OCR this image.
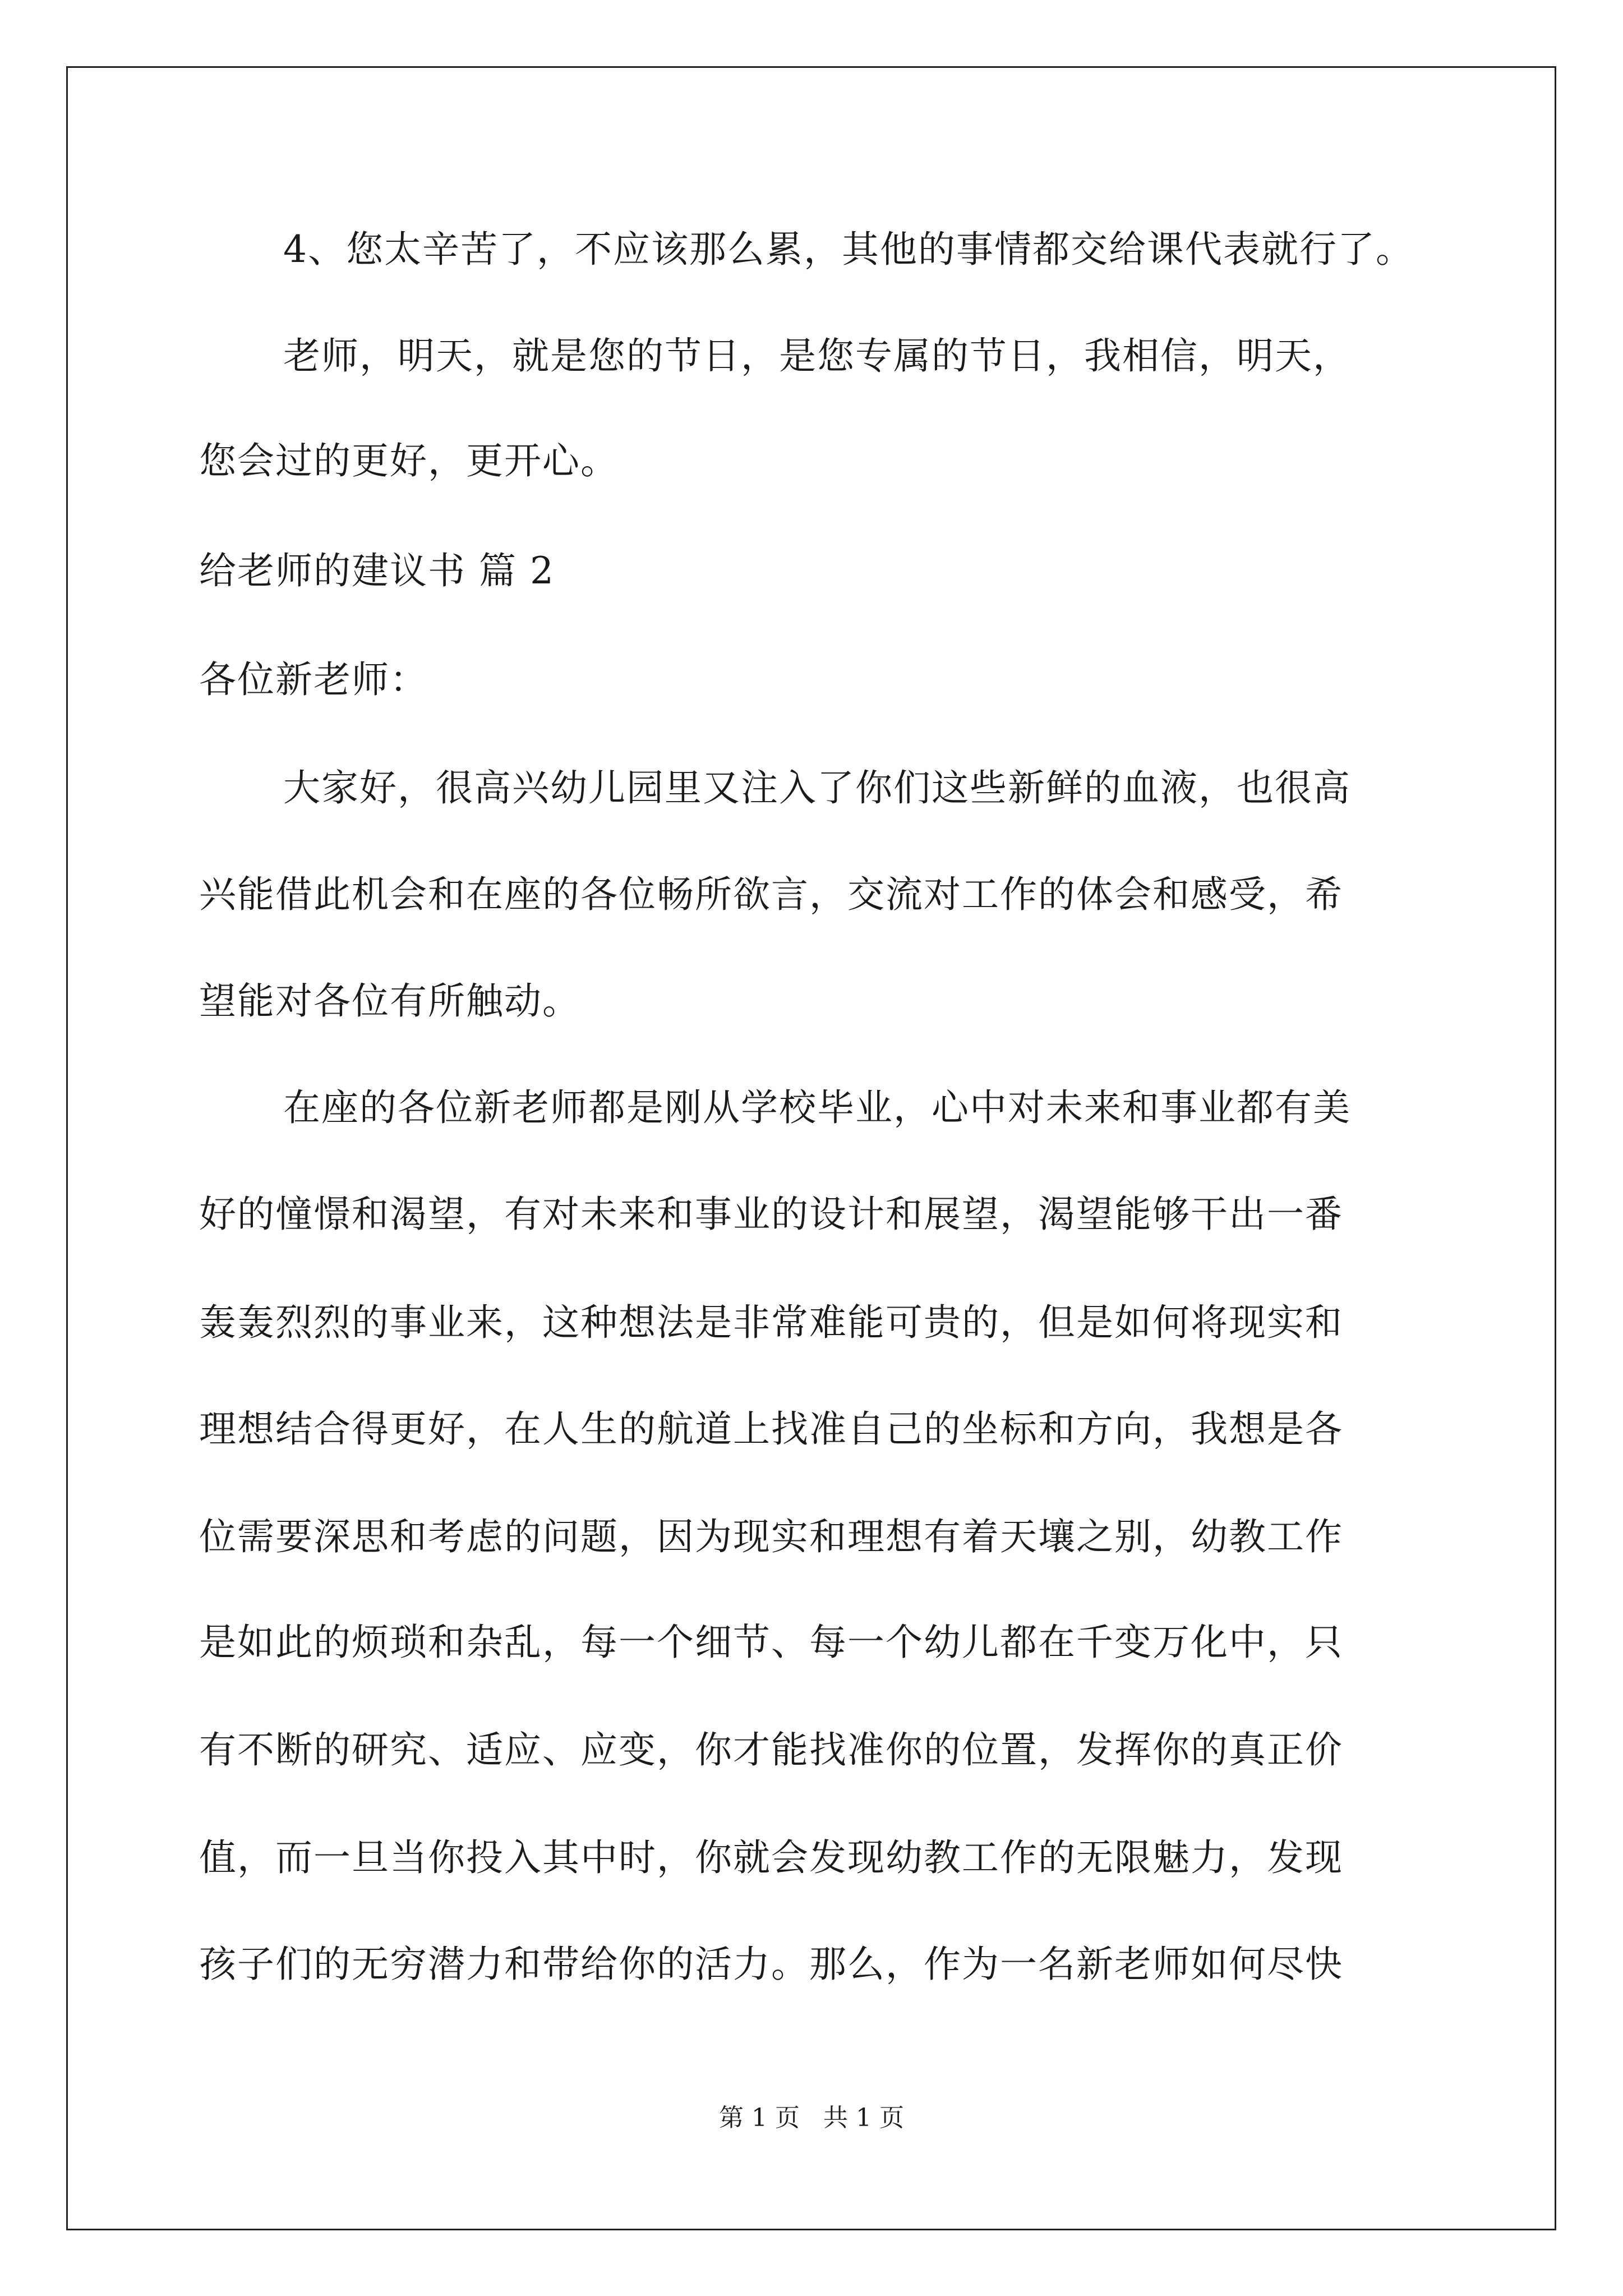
4、您太辛苦了，不应该那么累，其他的事情都交给课代表就行了。
老师，明天，就是您的节日，是您专属的节日，我相信，明天，
您会过的更好，更开心。
给老师的建议书 篇 2
各位新老师：
大家好，很高兴幼儿园里又注入了你们这些新鲜的血液，也很高
兴能借此机会和在座的各位畅所欲言，交流对工作的体会和感受，希
望能对各位有所触动。
在座的各位新老师都是刚从学校毕业，心中对未来和事业都有美
好的憧憬和渴望，有对未来和事业的设计和展望，渴望能够干出一番
轰轰烈烈的事业来，这种想法是非常难能可贵的，但是如何将现实和
理想结合得更好，在人生的航道上找准自己的坐标和方向，我想是各
位需要深思和考虑的问题，因为现实和理想有着天壤之别，幼教工作
是如此的烦琐和杂乱，每一个细节、每一个幼儿都在千变万化中，只
有不断的研究、适应、应变，你才能找准你的位置，发挥你的真正价
值，而一旦当你投入其中时，你就会发现幼教工作的无限魅力，发现
孩子们的无穷潜力和带给你的活力。那么，作为一名新老师如何尽快
第 1 页   共 1 页
